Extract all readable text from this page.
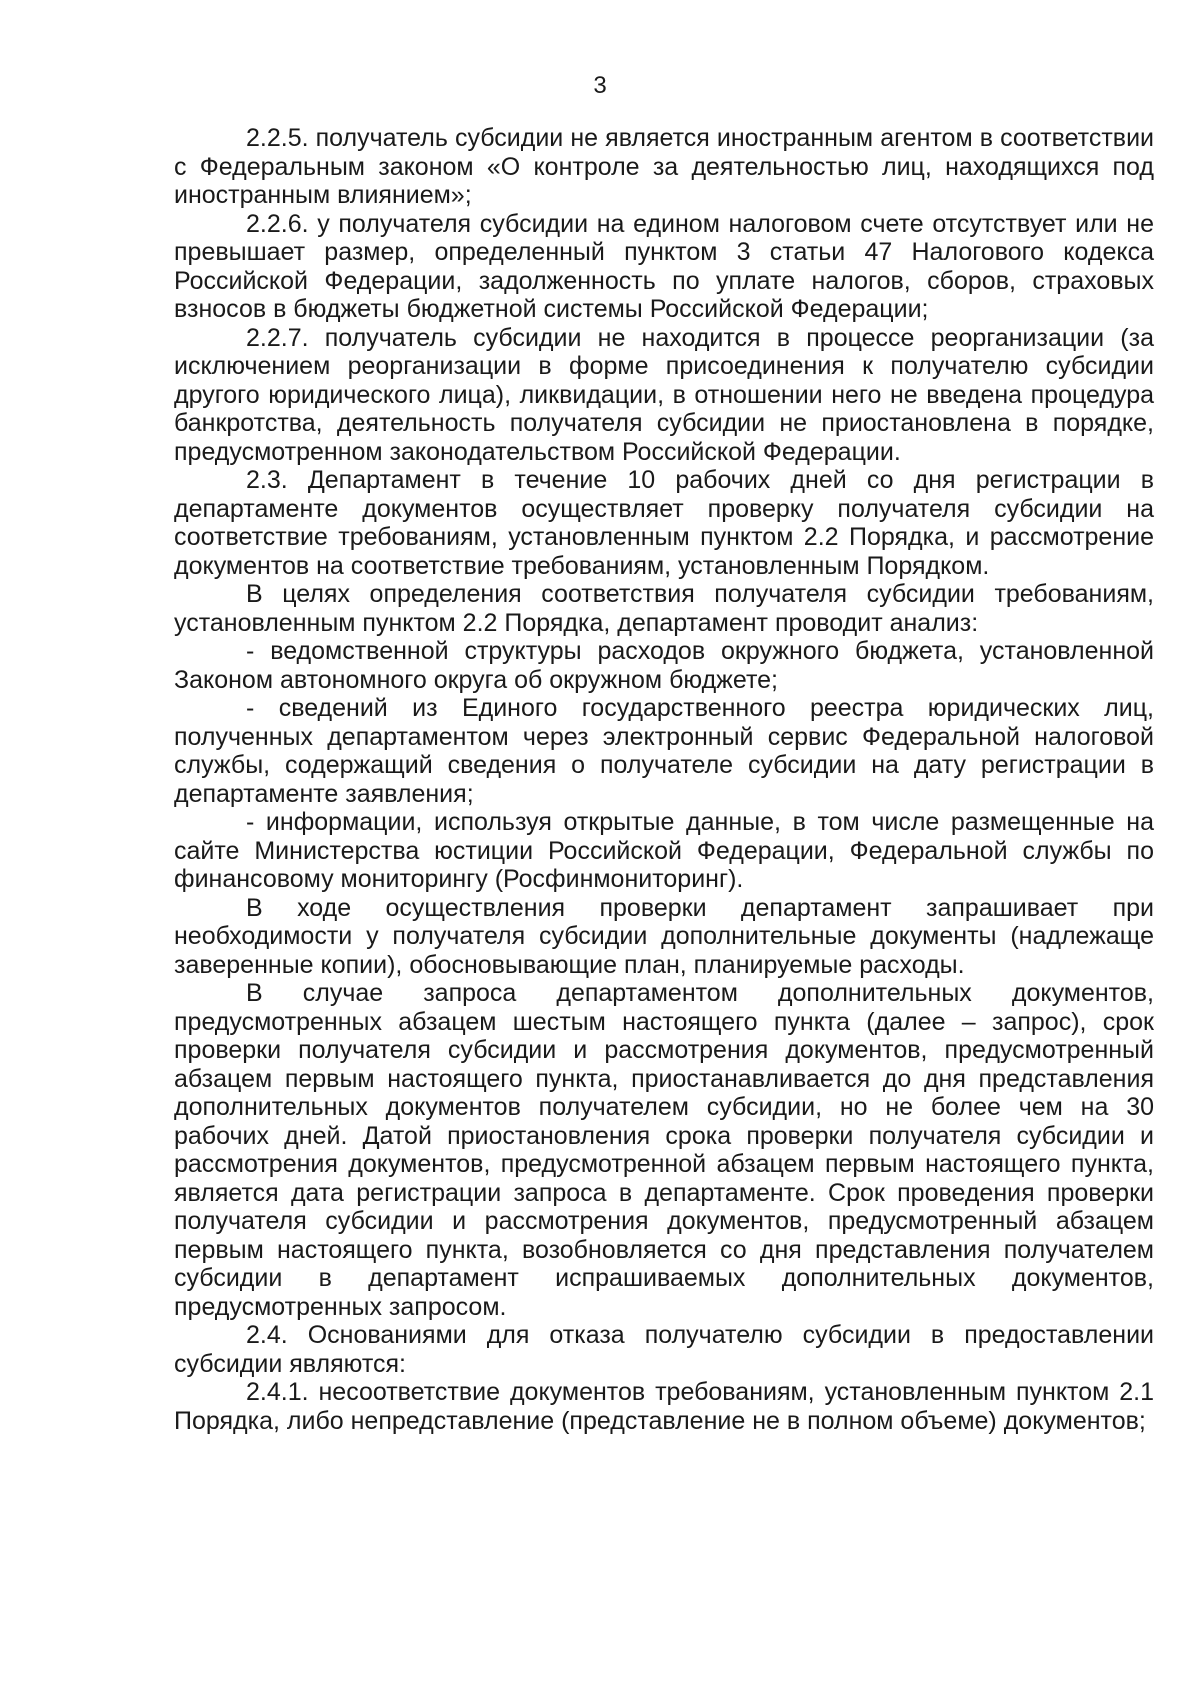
3

2.2.5. получатель субсидии не является иностранным агентом в соответствии с Федеральным законом «О контроле за деятельностью лиц, находящихся под иностранным влиянием»;

2.2.6. у получателя субсидии на едином налоговом счете отсутствует или не превышает размер, определенный пунктом 3 статьи 47 Налогового кодекса Российской Федерации, задолженность по уплате налогов, сборов, страховых взносов в бюджеты бюджетной системы Российской Федерации;

2.2.7. получатель субсидии не находится в процессе реорганизации (за исключением реорганизации в форме присоединения к получателю субсидии другого юридического лица), ликвидации, в отношении него не введена процедура банкротства, деятельность получателя субсидии не приостановлена в порядке, предусмотренном законодательством Российской Федерации.

2.3. Департамент в течение 10 рабочих дней со дня регистрации в департаменте документов осуществляет проверку получателя субсидии на соответствие требованиям, установленным пунктом 2.2 Порядка, и рассмотрение документов на соответствие требованиям, установленным Порядком.

В целях определения соответствия получателя субсидии требованиям, установленным пунктом 2.2 Порядка, департамент проводит анализ:

- ведомственной структуры расходов окружного бюджета, установленной Законом автономного округа об окружном бюджете;

- сведений из Единого государственного реестра юридических лиц, полученных департаментом через электронный сервис Федеральной налоговой службы, содержащий сведения о получателе субсидии на дату регистрации в департаменте заявления;

- информации, используя открытые данные, в том числе размещенные на сайте Министерства юстиции Российской Федерации, Федеральной службы по финансовому мониторингу (Росфинмониторинг).

В ходе осуществления проверки департамент запрашивает при необходимости у получателя субсидии дополнительные документы (надлежаще заверенные копии), обосновывающие план, планируемые расходы.

В случае запроса департаментом дополнительных документов, предусмотренных абзацем шестым настоящего пункта (далее – запрос), срок проверки получателя субсидии и рассмотрения документов, предусмотренный абзацем первым настоящего пункта, приостанавливается до дня представления дополнительных документов получателем субсидии, но не более чем на 30 рабочих дней. Датой приостановления срока проверки получателя субсидии и рассмотрения документов, предусмотренной абзацем первым настоящего пункта, является дата регистрации запроса в департаменте. Срок проведения проверки получателя субсидии и рассмотрения документов, предусмотренный абзацем первым настоящего пункта, возобновляется со дня представления получателем субсидии в департамент испрашиваемых дополнительных документов, предусмотренных запросом.

2.4. Основаниями для отказа получателю субсидии в предоставлении субсидии являются:

2.4.1. несоответствие документов требованиям, установленным пунктом 2.1 Порядка, либо непредставление (представление не в полном объеме) документов;
